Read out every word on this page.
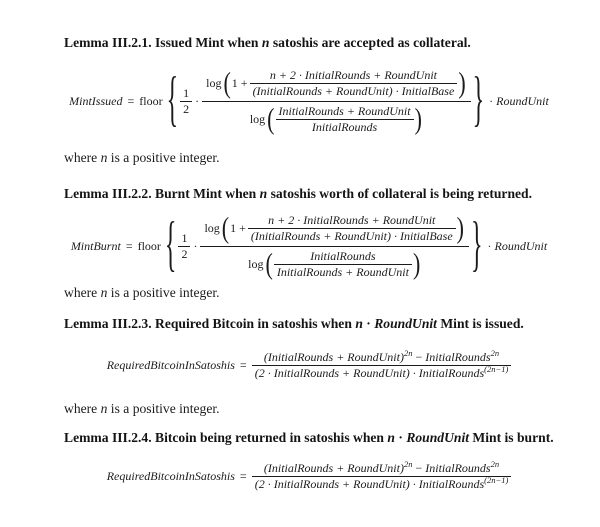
Lemma III.2.1. Issued Mint when n satoshis are accepted as collateral.

MintIssued = floor { $\frac{1}{2}$ ·
log ( $1 + \frac{\text{n + 2 · InitialRounds + RoundUnit}}{\text{(InitialRounds + RoundUnit) · InitialBase}}$ )
log ( $\frac{\text{InitialRounds + RoundUnit}}{\text{InitialRounds}}$ ) } · RoundUnit

where n is a positive integer.

Lemma III.2.2. Burnt Mint when n satoshis worth of collateral is being returned.

MintBurnt = floor { $\frac{1}{2}$ ·
log ( $1 + \frac{\text{n + 2 · InitialRounds + RoundUnit}}{\text{(InitialRounds + RoundUnit) · InitialBase}}$ )
log ( $\frac{\text{InitialRounds}}{\text{InitialRounds + RoundUnit}}$ ) } · RoundUnit

where n is a positive integer.

Lemma III.2.3. Required Bitcoin in satoshis when n · RoundUnit Mint is issued.

RequiredBitcoinInSatoshis =
(InitialRounds + RoundUnit)$^{2n}$ − InitialRounds$^{2n}$
(2 · InitialRounds + RoundUnit) · InitialRounds$^{(2n-1)}$

where n is a positive integer.

Lemma III.2.4. Bitcoin being returned in satoshis when n · RoundUnit Mint is burnt.

RequiredBitcoinInSatoshis =
(InitialRounds + RoundUnit)$^{2n}$ − InitialRounds$^{2n}$
(2 · InitialRounds + RoundUnit) · InitialRounds$^{(2n-1)}$
